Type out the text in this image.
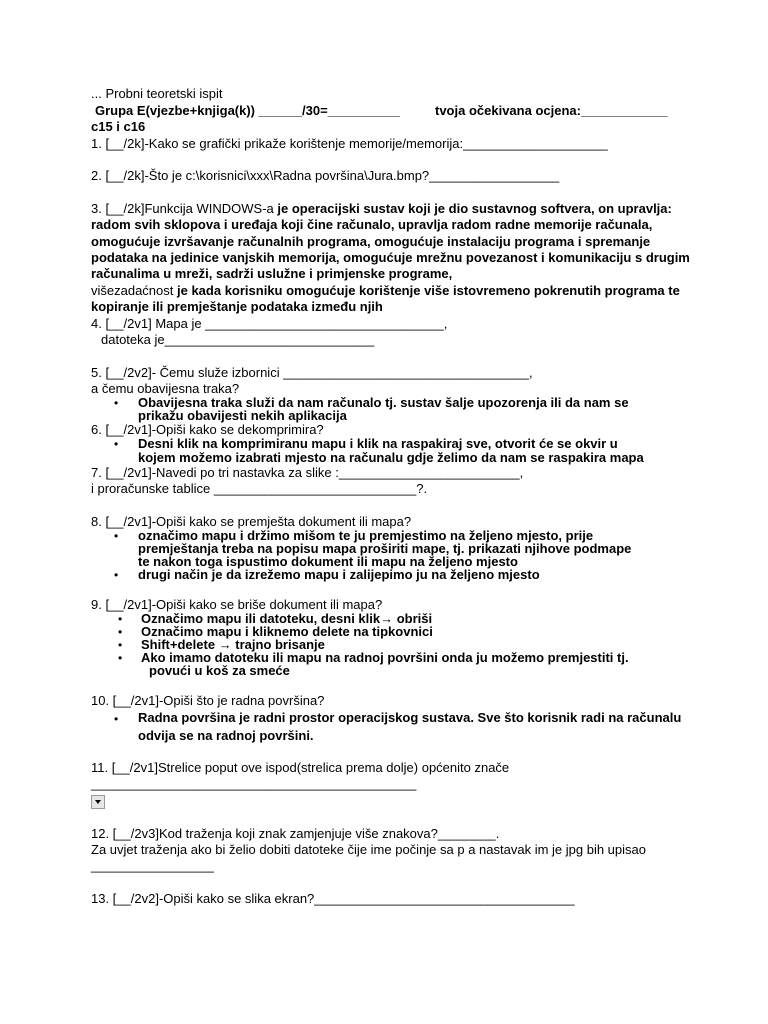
... Probni teoretski ispit
Grupa E(vjezbe+knjiga(k)) ______/30=__________	tvoja očekivana ocjena:____________
c15 i c16
1. [__/2k]-Kako se grafički prikaže korištenje memorije/memorija:____________________
2. [__/2k]-Što je c:\korisnici\xxx\Radna površina\Jura.bmp?__________________
3. [__/2k]Funkcija WINDOWS-a je operacijski sustav koji je dio sustavnog softvera, on upravlja:
radom svih sklopova i uređaja koji čine računalo, upravlja radom radne memorije računala,
omogućuje izvršavanje računalnih programa, omogućuje instalaciju programa i spremanje
podataka na jedinice vanjskih memorija, omogućuje mrežnu povezanost i komunikaciju s drugim
računalima u mreži, sadrži uslužne i primjenske programe,
višezadaćnost je kada korisniku omogućuje korištenje više istovremeno pokrenutih programa te
kopiranje ili premještanje podataka između njih
4. [__/2v1] Mapa je _________________________________,
datoteka je_____________________________
5. [__/2v2]- Čemu služe izbornici __________________________________,
a čemu obavijesna traka?
• Obavijesna traka služi da nam računalo tj. sustav šalje upozorenja ili da nam se
prikažu obavijesti nekih aplikacija
6. [__/2v1]-Opiši kako se dekomprimira?
• Desni klik na komprimiranu mapu i klik na raspakiraj sve, otvorit će se okvir u
kojem možemo izabrati mjesto na računalu gdje želimo da nam se raspakira mapa
7. [__/2v1]-Navedi po tri nastavka za slike :_________________________,
i proračunske tablice ____________________________?.
8. [__/2v1]-Opiši kako se premješta dokument ili mapa?
• označimo mapu i držimo mišom te ju premjestimo na željeno mjesto, prije
premještanja treba na popisu mapa proširiti mape, tj. prikazati njihove podmape
te nakon toga ispustimo dokument ili mapu na željeno mjesto
• drugi način je da izrežemo mapu i zalijepimo ju na željeno mjesto
9. [__/2v1]-Opiši kako se briše dokument ili mapa?
• Označimo mapu ili datoteku, desni klik→ obriši
• Označimo mapu i kliknemo delete na tipkovnici
• Shift+delete → trajno brisanje
• Ako imamo datoteku ili mapu na radnoj površini onda ju možemo premjestiti tj.
povući u koš za smeće
10. [__/2v1]-Opiši što je radna površina?
• Radna površina je radni prostor operacijskog sustava. Sve što korisnik radi na računalu
odvija se na radnoj površini.
11. [__/2v1]Strelice poput ove ispod(strelica prema dolje) općenito znače
_____________________________________________
12. [__/2v3]Kod traženja koji znak zamjenjuje više znakova?________.
Za uvjet traženja ako bi želio dobiti datoteke čije ime počinje sa p a nastavak im je jpg bih upisao
_________________
13. [__/2v2]-Opiši kako se slika ekran?____________________________________
